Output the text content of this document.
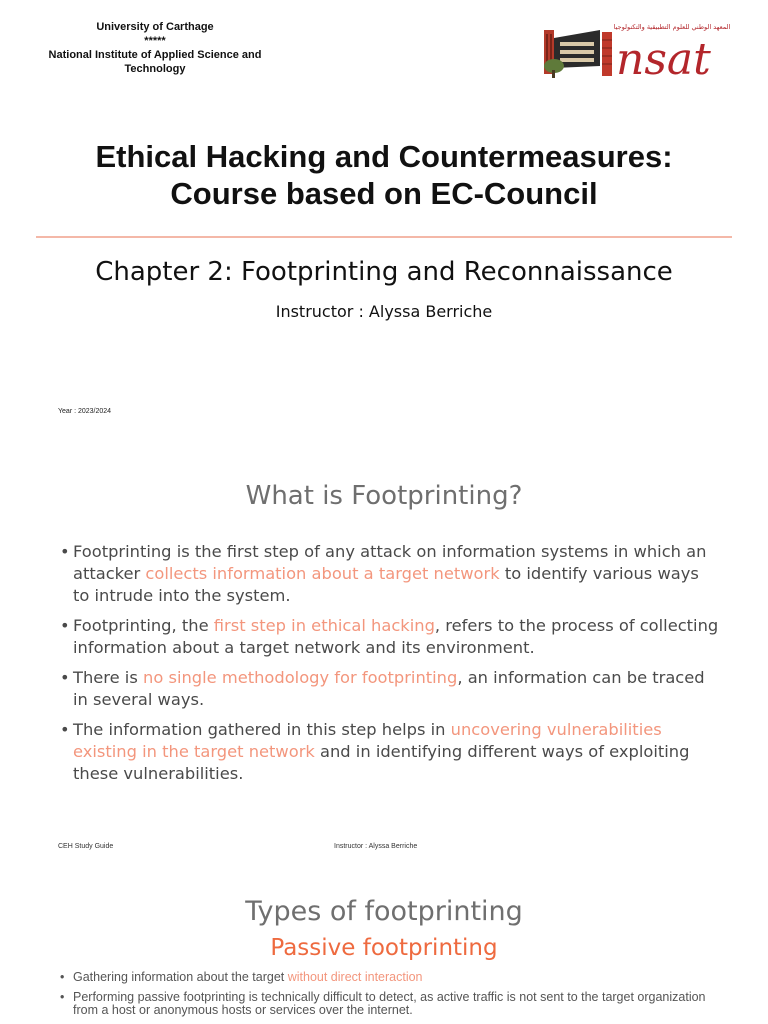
University of Carthage
*****
National Institute of Applied Science and Technology
المعهد الوطني للعلوم التطبيقية والتكنولوجيا
nsat
Ethical Hacking and Countermeasures:
Course based on EC-Council
Chapter 2: Footprinting and Reconnaissance
Instructor : Alyssa Berriche
Year : 2023/2024
What is Footprinting?
• Footprinting is the first step of any attack on information systems in which an attacker collects information about a target network to identify various ways to intrude into the system.
• Footprinting, the first step in ethical hacking, refers to the process of collecting information about a target network and its environment.
• There is no single methodology for footprinting, an information can be traced in several ways.
• The information gathered in this step helps in uncovering vulnerabilities existing in the target network and in identifying different ways of exploiting these vulnerabilities.
CEH Study Guide	Instructor : Alyssa Berriche
Types of footprinting
Passive footprinting
• Gathering information about the target without direct interaction
• Performing passive footprinting is technically difficult to detect, as active traffic is not sent to the target organization from a host or anonymous hosts or services over the internet.
